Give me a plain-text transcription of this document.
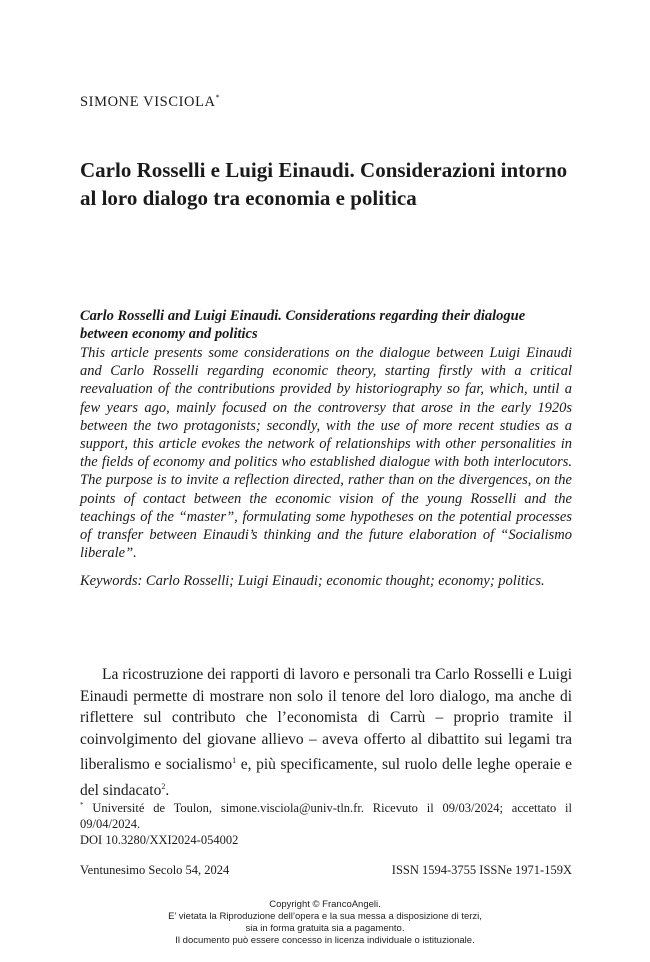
SIMONE VISCIOLA*
Carlo Rosselli e Luigi Einaudi. Considerazioni intorno al loro dialogo tra economia e politica
Carlo Rosselli and Luigi Einaudi. Considerations regarding their dialogue between economy and politics
This article presents some considerations on the dialogue between Luigi Einaudi and Carlo Rosselli regarding economic theory, starting firstly with a critical reevaluation of the contributions provided by historiography so far, which, until a few years ago, mainly focused on the controversy that arose in the early 1920s between the two protagonists; secondly, with the use of more recent studies as a support, this article evokes the network of relationships with other personalities in the fields of economy and politics who established dialogue with both interlocutors. The purpose is to invite a reflection directed, rather than on the divergences, on the points of contact between the economic vision of the young Rosselli and the teachings of the “master”, formulating some hypotheses on the potential processes of transfer between Einaudi’s thinking and the future elaboration of “Socialismo liberale”.
Keywords: Carlo Rosselli; Luigi Einaudi; economic thought; economy; politics.
La ricostruzione dei rapporti di lavoro e personali tra Carlo Rosselli e Luigi Einaudi permette di mostrare non solo il tenore del loro dialogo, ma anche di riflettere sul contributo che l’economista di Carrù – proprio tramite il coinvolgimento del giovane allievo – aveva offerto al dibattito sui legami tra liberalismo e socialismo$^1$ e, più specificamente, sul ruolo delle leghe operaie e del sindacato$^2$.
* Université de Toulon, simone.visciola@univ-tln.fr. Ricevuto il 09/03/2024; accettato il 09/04/2024.
DOI 10.3280/XXI2024-054002
Ventunesimo Secolo 54, 2024	ISSN 1594-3755 ISSNe 1971-159X
Copyright © FrancoAngeli.
E’ vietata la Riproduzione dell’opera e la sua messa a disposizione di terzi,
sia in forma gratuita sia a pagamento.
Il documento può essere concesso in licenza individuale o istituzionale.
